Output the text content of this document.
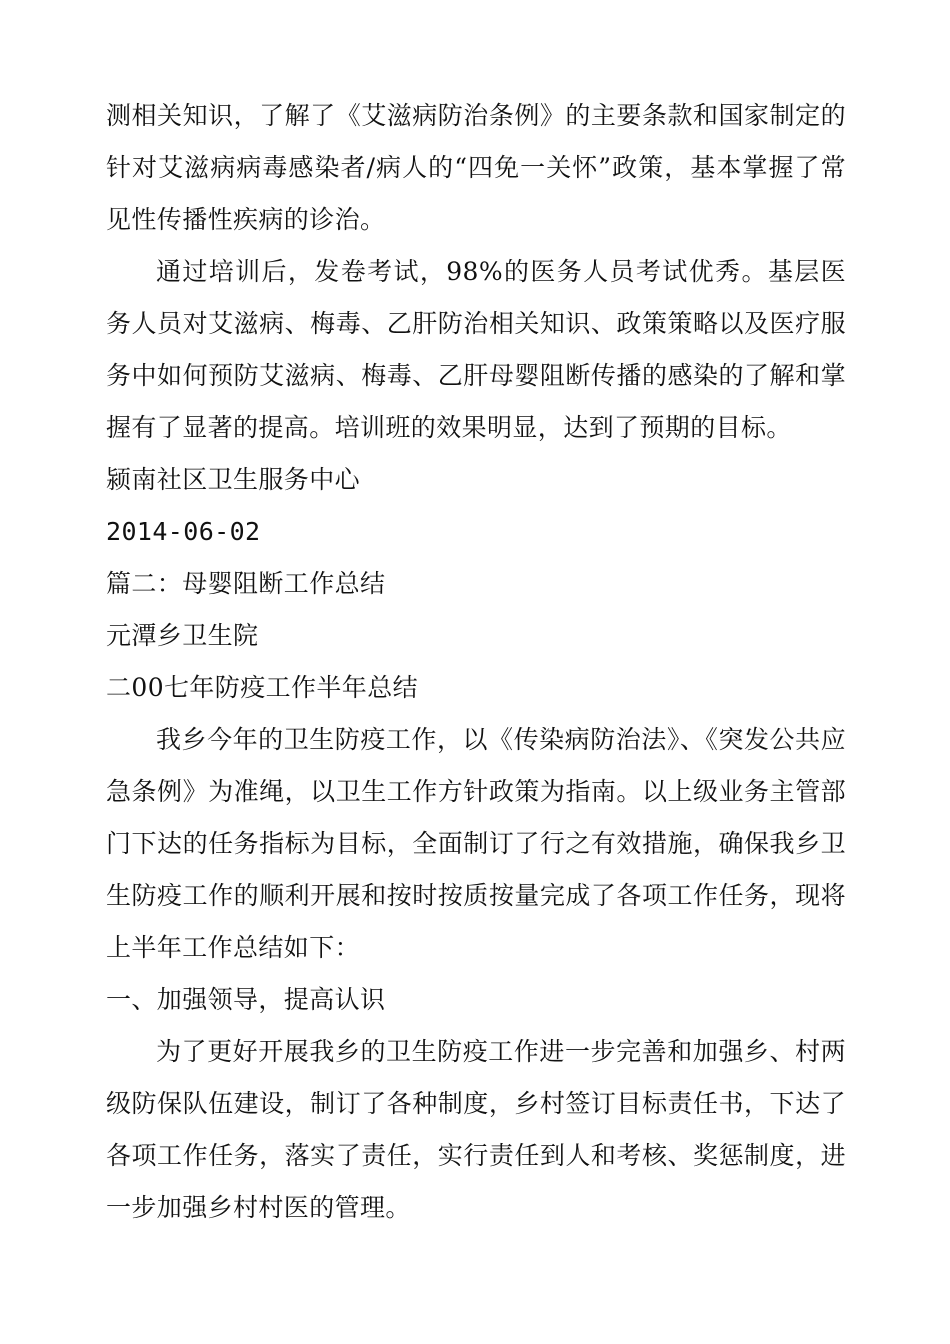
测相关知识，了解了《艾滋病防治条例》的主要条款和国家制定的针对艾滋病病毒感染者/病人的“四免一关怀”政策，基本掌握了常见性传播性疾病的诊治。

通过培训后，发卷考试，98%的医务人员考试优秀。基层医务人员对艾滋病、梅毒、乙肝防治相关知识、政策策略以及医疗服务中如何预防艾滋病、梅毒、乙肝母婴阻断传播的感染的了解和掌握有了显著的提高。培训班的效果明显，达到了预期的目标。

颍南社区卫生服务中心

2014-06-02

篇二：母婴阻断工作总结

元潭乡卫生院

二00七年防疫工作半年总结

我乡今年的卫生防疫工作，以《传染病防治法》、《突发公共应急条例》为准绳，以卫生工作方针政策为指南。以上级业务主管部门下达的任务指标为目标，全面制订了行之有效措施，确保我乡卫生防疫工作的顺利开展和按时按质按量完成了各项工作任务，现将上半年工作总结如下：

一、加强领导，提高认识

为了更好开展我乡的卫生防疫工作进一步完善和加强乡、村两级防保队伍建设，制订了各种制度，乡村签订目标责任书，下达了各项工作任务，落实了责任，实行责任到人和考核、奖惩制度，进一步加强乡村村医的管理。
